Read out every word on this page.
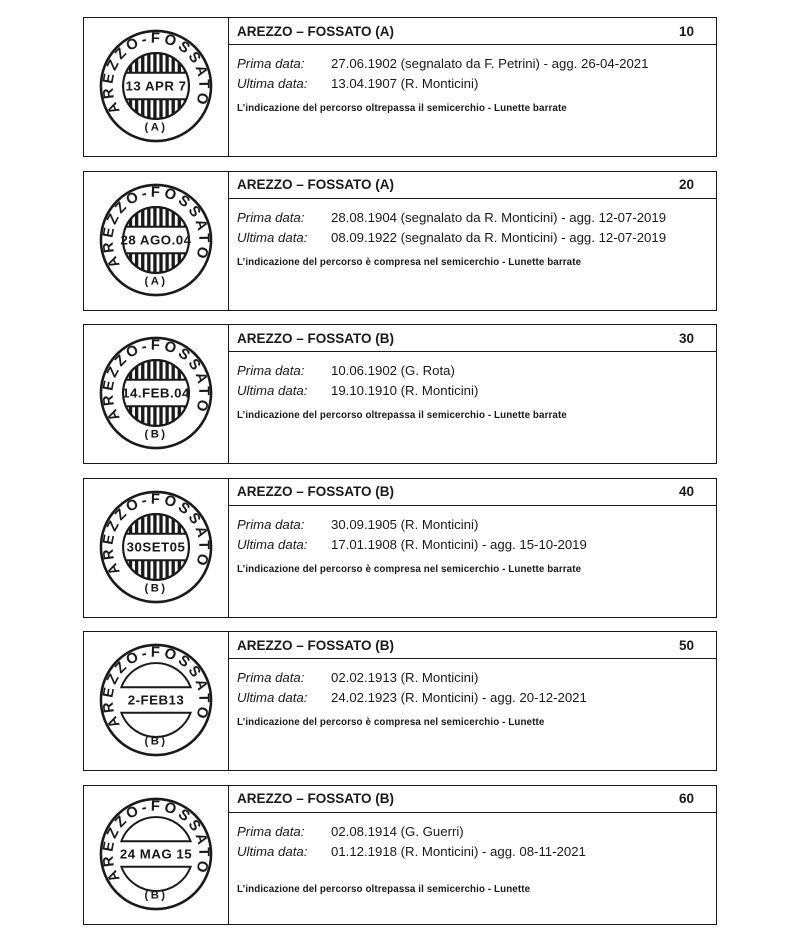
AREZZO-FOSSATO
13 APR 7
(A)
AREZZO – FOSSATO (A)	10
Prima data:	27.06.1902 (segnalato da F. Petrini) - agg. 26-04-2021
Ultima data:	13.04.1907 (R. Monticini)
L’indicazione del percorso oltrepassa il semicerchio - Lunette barrate
AREZZO-FOSSATO
28 AGO.04
(A)
AREZZO – FOSSATO (A)	20
Prima data:	28.08.1904 (segnalato da R. Monticini) - agg. 12-07-2019
Ultima data:	08.09.1922 (segnalato da R. Monticini) - agg. 12-07-2019
L’indicazione del percorso è compresa nel semicerchio - Lunette barrate
AREZZO-FOSSATO
14.FEB.04
(B)
AREZZO – FOSSATO (B)	30
Prima data:	10.06.1902 (G. Rota)
Ultima data:	19.10.1910 (R. Monticini)
L’indicazione del percorso oltrepassa il semicerchio - Lunette barrate
AREZZO-FOSSATO
30SET05
(B)
AREZZO – FOSSATO (B)	40
Prima data:	30.09.1905 (R. Monticini)
Ultima data:	17.01.1908 (R. Monticini) - agg. 15-10-2019
L’indicazione del percorso è compresa nel semicerchio - Lunette barrate
AREZZO-FOSSATO
2-FEB13
(B)
AREZZO – FOSSATO (B)	50
Prima data:	02.02.1913 (R. Monticini)
Ultima data:	24.02.1923 (R. Monticini) - agg. 20-12-2021
L’indicazione del percorso è compresa nel semicerchio - Lunette
AREZZO-FOSSATO
24 MAG 15
(B)
AREZZO – FOSSATO (B)	60
Prima data:	02.08.1914 (G. Guerri)
Ultima data:	01.12.1918 (R. Monticini) - agg. 08-11-2021
L’indicazione del percorso oltrepassa il semicerchio - Lunette
